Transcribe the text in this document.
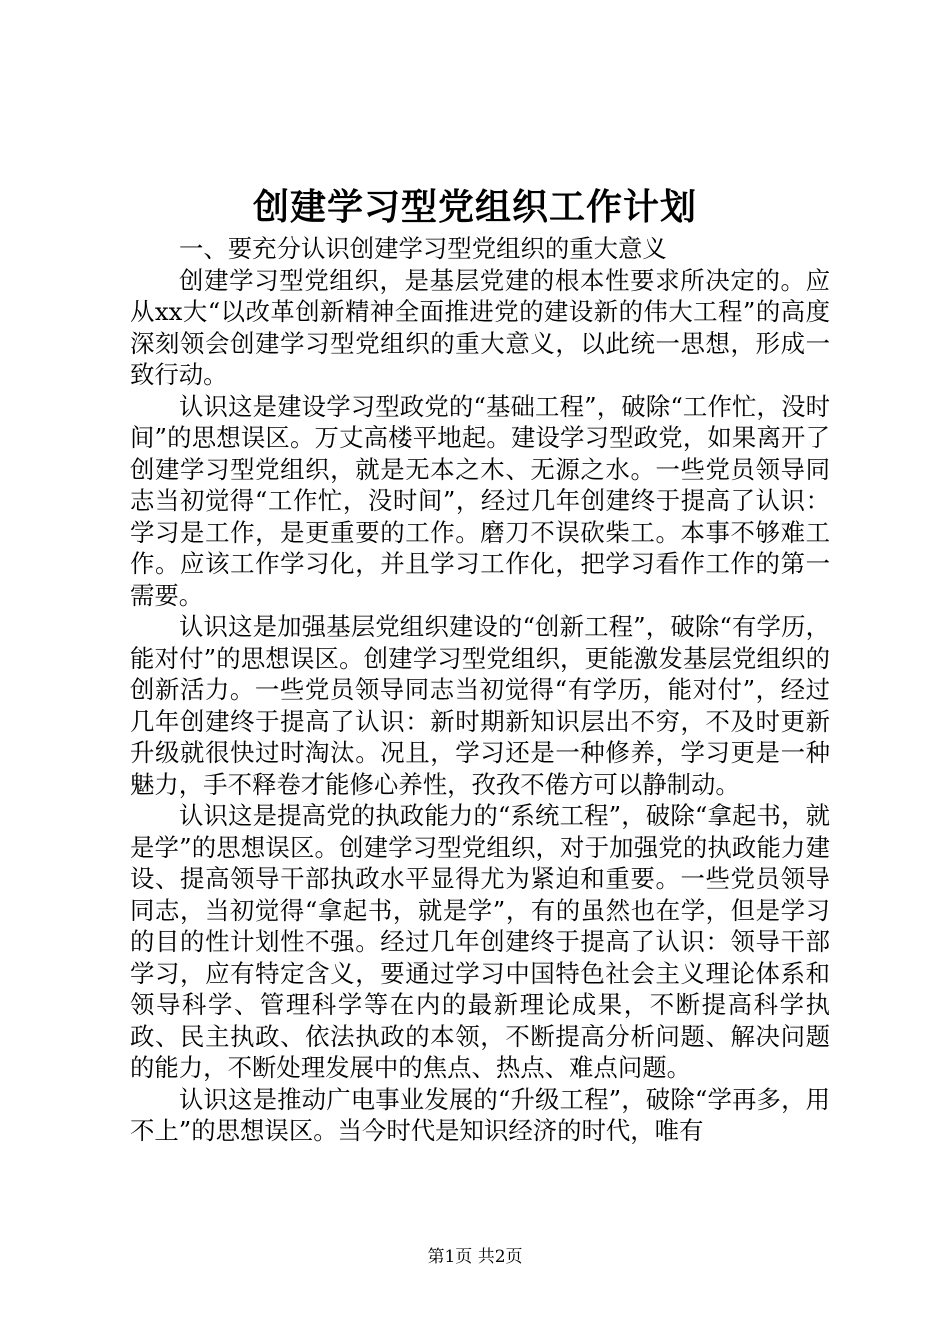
创建学习型党组织工作计划

一、要充分认识创建学习型党组织的重大意义

创建学习型党组织，是基层党建的根本性要求所决定的。应从xx大“以改革创新精神全面推进党的建设新的伟大工程”的高度深刻领会创建学习型党组织的重大意义，以此统一思想，形成一致行动。

认识这是建设学习型政党的“基础工程”，破除“工作忙，没时间”的思想误区。万丈高楼平地起。建设学习型政党，如果离开了创建学习型党组织，就是无本之木、无源之水。一些党员领导同志当初觉得“工作忙，没时间”，经过几年创建终于提高了认识：学习是工作，是更重要的工作。磨刀不误砍柴工。本事不够难工作。应该工作学习化，并且学习工作化，把学习看作工作的第一需要。

认识这是加强基层党组织建设的“创新工程”，破除“有学历，能对付”的思想误区。创建学习型党组织，更能激发基层党组织的创新活力。一些党员领导同志当初觉得“有学历，能对付”，经过几年创建终于提高了认识：新时期新知识层出不穷，不及时更新升级就很快过时淘汰。况且，学习还是一种修养，学习更是一种魅力，手不释卷才能修心养性，孜孜不倦方可以静制动。

认识这是提高党的执政能力的“系统工程”，破除“拿起书，就是学”的思想误区。创建学习型党组织，对于加强党的执政能力建设、提高领导干部执政水平显得尤为紧迫和重要。一些党员领导同志，当初觉得“拿起书，就是学”，有的虽然也在学，但是学习的目的性计划性不强。经过几年创建终于提高了认识：领导干部学习，应有特定含义，要通过学习中国特色社会主义理论体系和领导科学、管理科学等在内的最新理论成果，不断提高科学执政、民主执政、依法执政的本领，不断提高分析问题、解决问题的能力，不断处理发展中的焦点、热点、难点问题。

认识这是推动广电事业发展的“升级工程”，破除“学再多，用不上”的思想误区。当今时代是知识经济的时代，唯有

第1页 共2页
